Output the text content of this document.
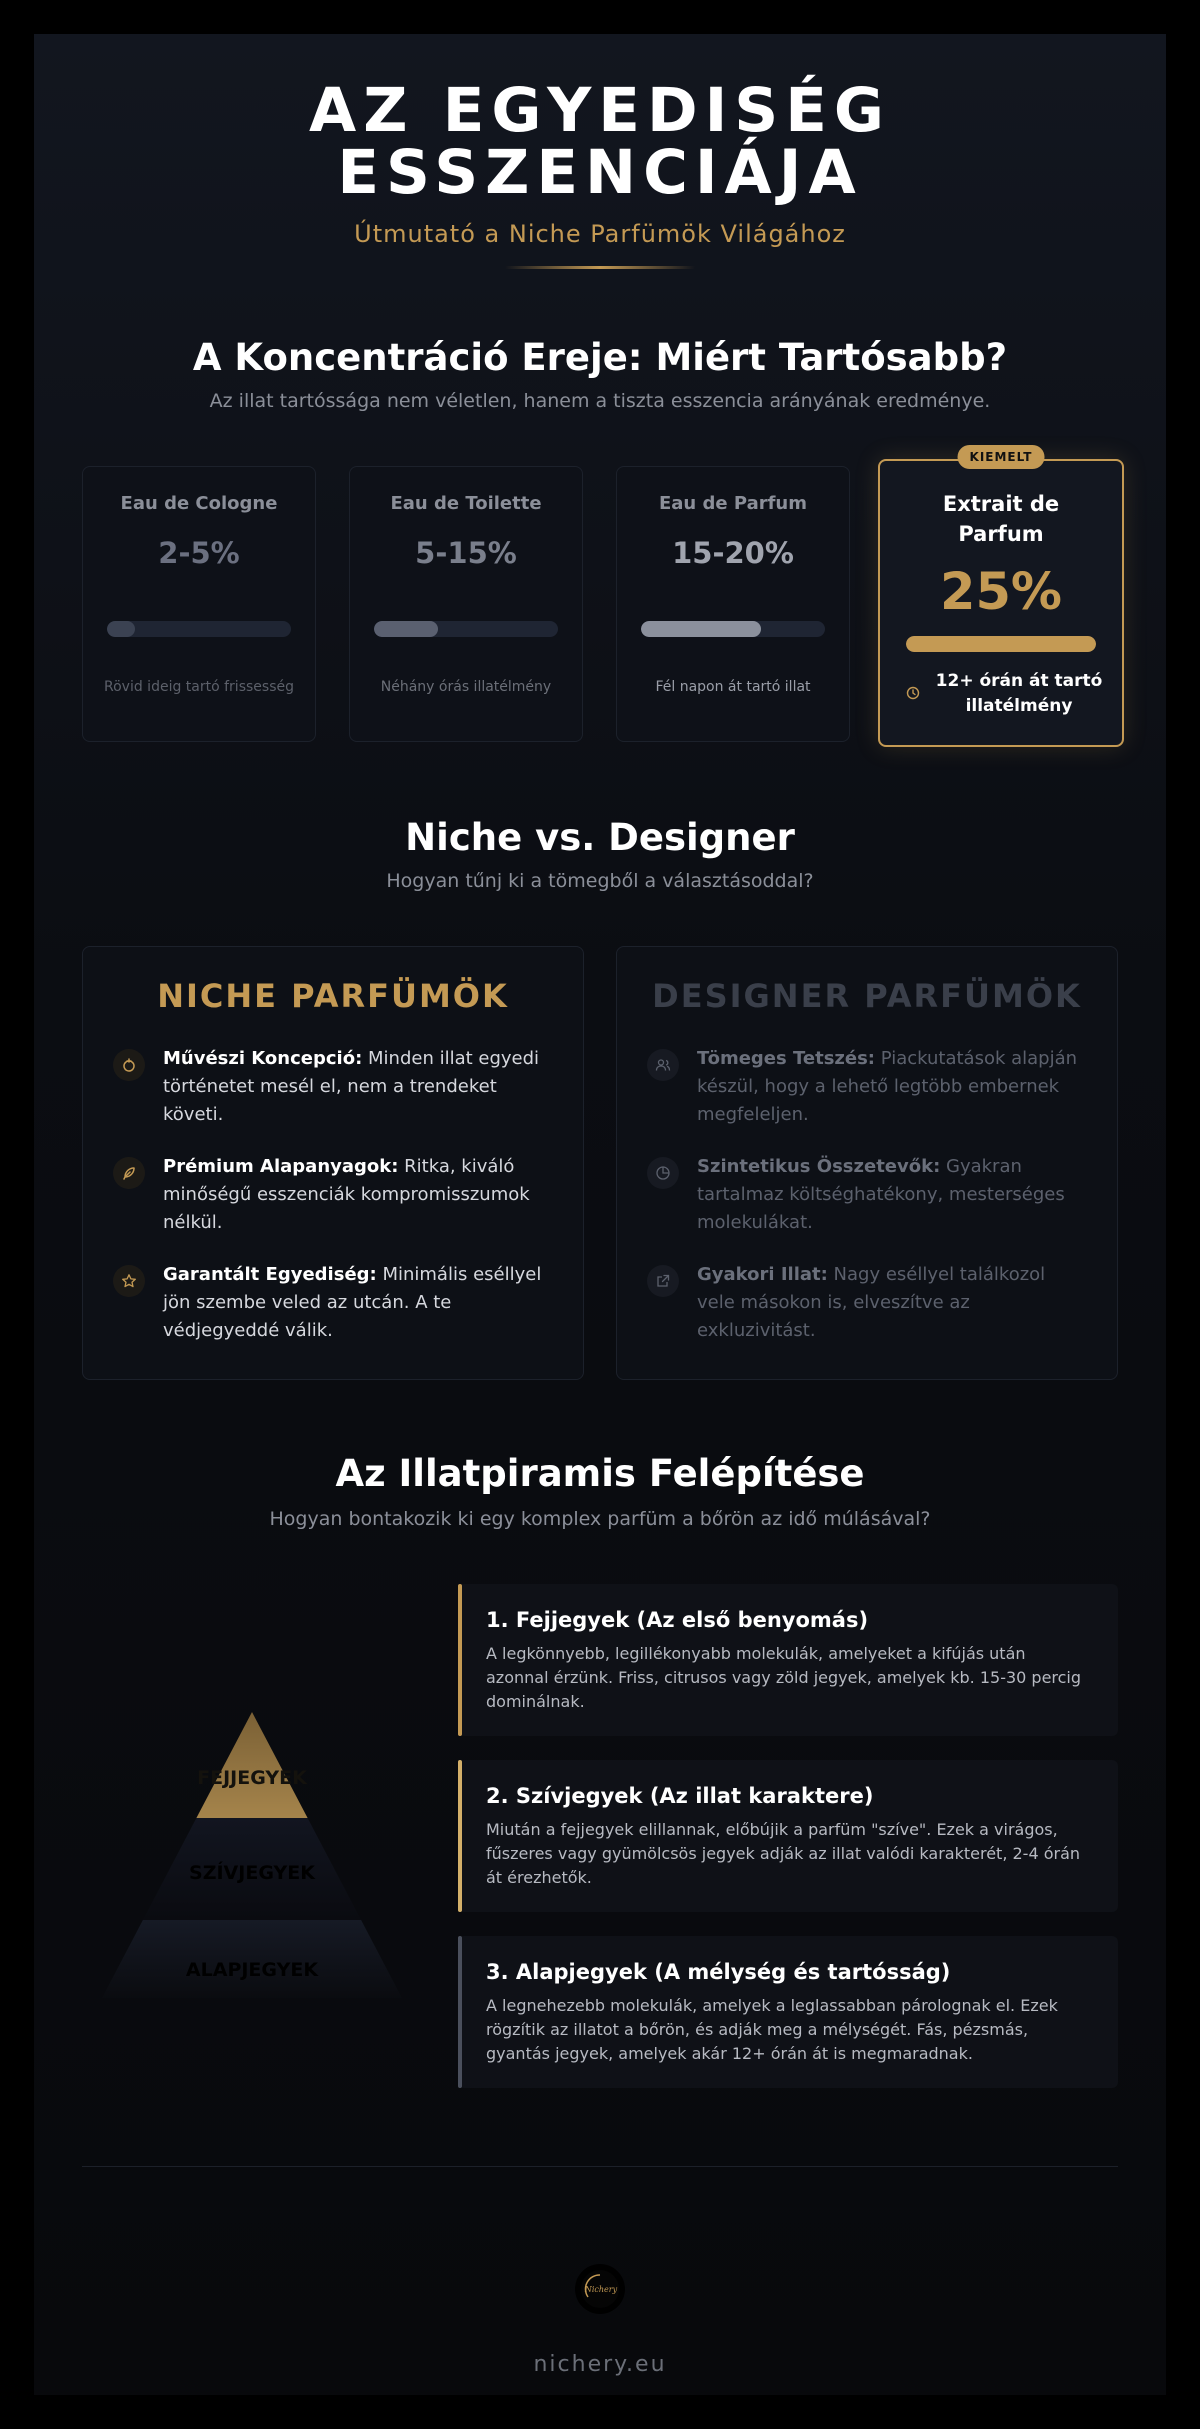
AZ EGYEDISÉG
ESSZENCIÁJA
Útmutató a Niche Parfümök Világához
A Koncentráció Ereje: Miért Tartósabb?
Az illat tartóssága nem véletlen, hanem a tiszta esszencia arányának eredménye.
Eau de Cologne
2-5%
Rövid ideig tartó frissesség
Eau de Toilette
5-15%
Néhány órás illatélmény
Eau de Parfum
15-20%
Fél napon át tartó illat
KIEMELT
Extrait de Parfum
25%
12+ órán át tartó illatélmény
Niche vs. Designer
Hogyan tűnj ki a tömegből a választásoddal?
NICHE PARFÜMÖK
Művészi Koncepció: Minden illat egyedi történetet mesél el, nem a trendeket követi.
Prémium Alapanyagok: Ritka, kiváló minőségű esszenciák kompromisszumok nélkül.
Garantált Egyediség: Minimális eséllyel jön szembe veled az utcán. A te védjegyeddé válik.
DESIGNER PARFÜMÖK
Tömeges Tetszés: Piackutatások alapján készül, hogy a lehető legtöbb embernek megfeleljen.
Szintetikus Összetevők: Gyakran tartalmaz költséghatékony, mesterséges molekulákat.
Gyakori Illat: Nagy eséllyel találkozol vele másokon is, elveszítve az exkluzivitást.
Az Illatpiramis Felépítése
Hogyan bontakozik ki egy komplex parfüm a bőrön az idő múlásával?
FEJJEGYEK
SZÍVJEGYEK
ALAPJEGYEK
1. Fejjegyek (Az első benyomás)
A legkönnyebb, legillékonyabb molekulák, amelyeket a kifújás után azonnal érzünk. Friss, citrusos vagy zöld jegyek, amelyek kb. 15-30 percig dominálnak.
2. Szívjegyek (Az illat karaktere)
Miután a fejjegyek elillannak, előbújik a parfüm "szíve". Ezek a virágos, fűszeres vagy gyümölcsös jegyek adják az illat valódi karakterét, 2-4 órán át érezhetők.
3. Alapjegyek (A mélység és tartósság)
A legnehezebb molekulák, amelyek a leglassabban párolognak el. Ezek rögzítik az illatot a bőrön, és adják meg a mélységét. Fás, pézsmás, gyantás jegyek, amelyek akár 12+ órán át is megmaradnak.
Nichery
nichery.eu
